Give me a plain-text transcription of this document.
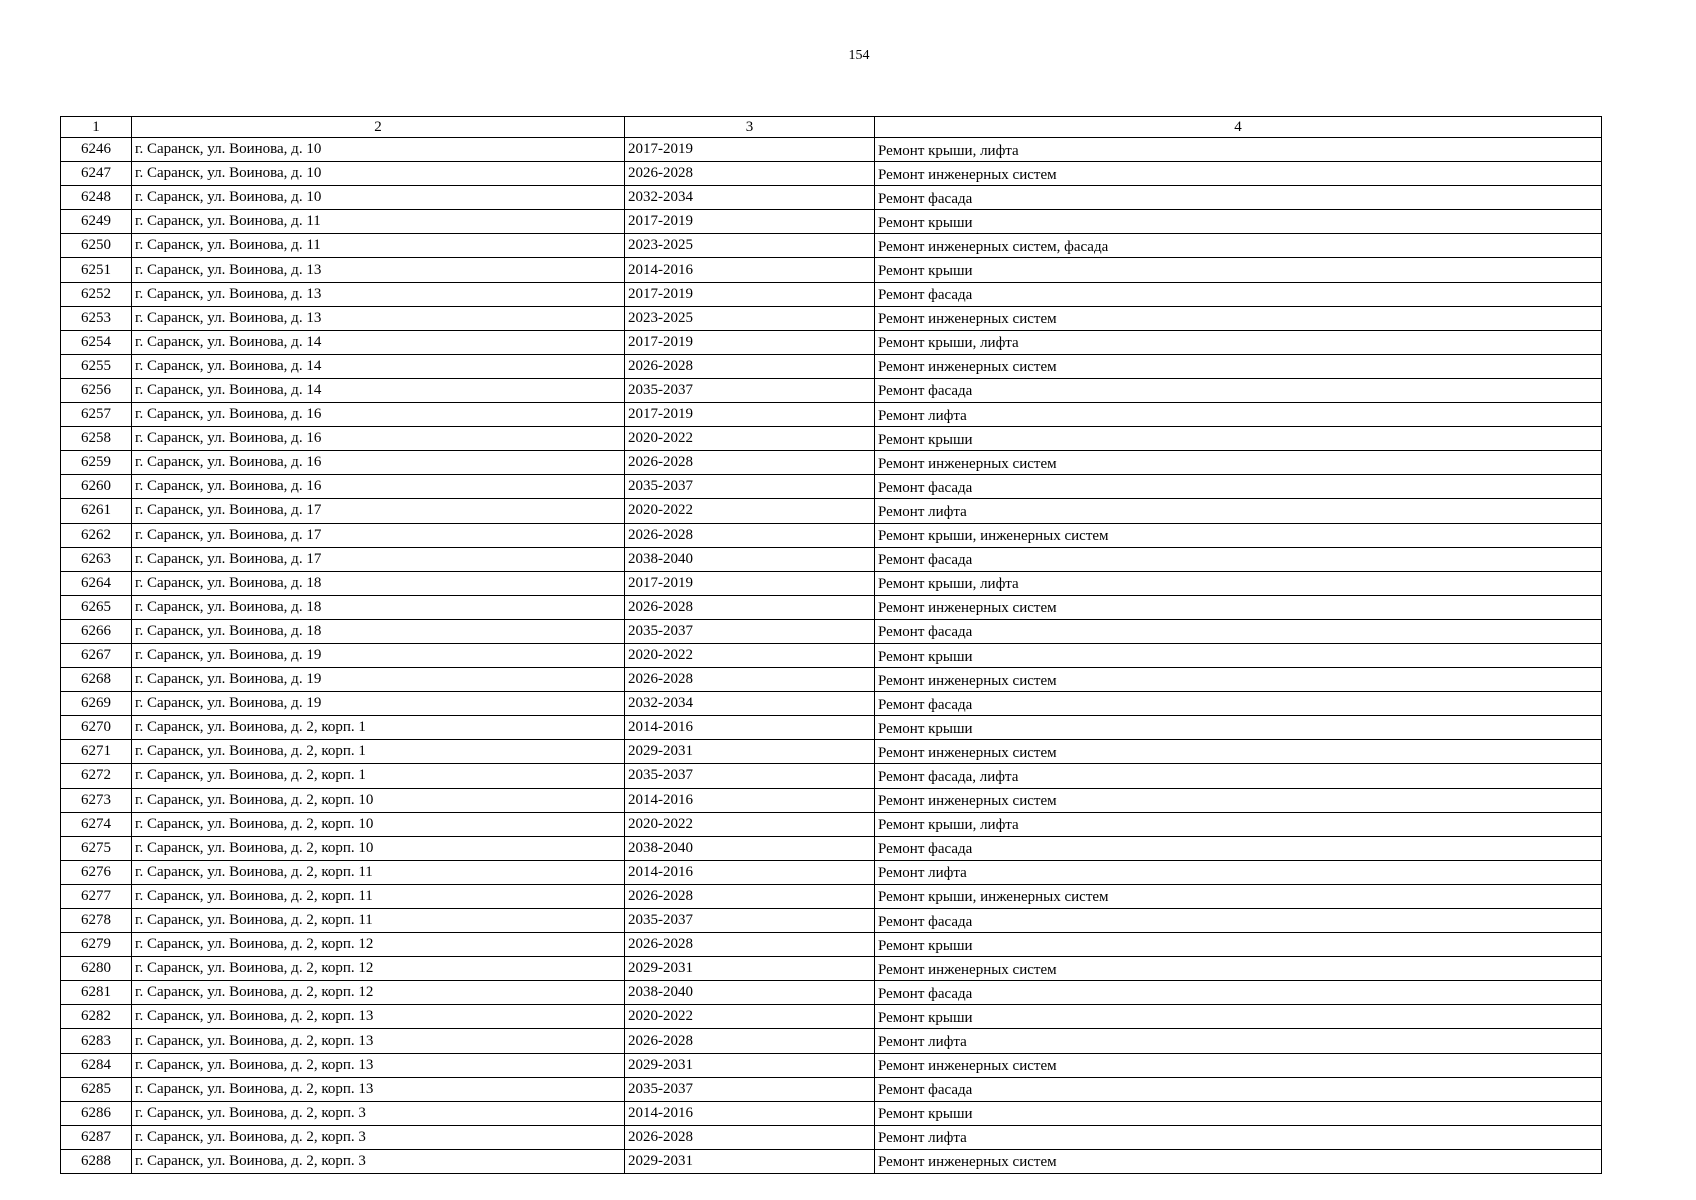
154
1	2	3	4
6246	г. Саранск, ул. Воинова, д. 10	2017-2019	Ремонт крыши, лифта
6247	г. Саранск, ул. Воинова, д. 10	2026-2028	Ремонт инженерных систем
6248	г. Саранск, ул. Воинова, д. 10	2032-2034	Ремонт фасада
6249	г. Саранск, ул. Воинова, д. 11	2017-2019	Ремонт крыши
6250	г. Саранск, ул. Воинова, д. 11	2023-2025	Ремонт инженерных систем, фасада
6251	г. Саранск, ул. Воинова, д. 13	2014-2016	Ремонт крыши
6252	г. Саранск, ул. Воинова, д. 13	2017-2019	Ремонт фасада
6253	г. Саранск, ул. Воинова, д. 13	2023-2025	Ремонт инженерных систем
6254	г. Саранск, ул. Воинова, д. 14	2017-2019	Ремонт крыши, лифта
6255	г. Саранск, ул. Воинова, д. 14	2026-2028	Ремонт инженерных систем
6256	г. Саранск, ул. Воинова, д. 14	2035-2037	Ремонт фасада
6257	г. Саранск, ул. Воинова, д. 16	2017-2019	Ремонт лифта
6258	г. Саранск, ул. Воинова, д. 16	2020-2022	Ремонт крыши
6259	г. Саранск, ул. Воинова, д. 16	2026-2028	Ремонт инженерных систем
6260	г. Саранск, ул. Воинова, д. 16	2035-2037	Ремонт фасада
6261	г. Саранск, ул. Воинова, д. 17	2020-2022	Ремонт лифта
6262	г. Саранск, ул. Воинова, д. 17	2026-2028	Ремонт крыши, инженерных систем
6263	г. Саранск, ул. Воинова, д. 17	2038-2040	Ремонт фасада
6264	г. Саранск, ул. Воинова, д. 18	2017-2019	Ремонт крыши, лифта
6265	г. Саранск, ул. Воинова, д. 18	2026-2028	Ремонт инженерных систем
6266	г. Саранск, ул. Воинова, д. 18	2035-2037	Ремонт фасада
6267	г. Саранск, ул. Воинова, д. 19	2020-2022	Ремонт крыши
6268	г. Саранск, ул. Воинова, д. 19	2026-2028	Ремонт инженерных систем
6269	г. Саранск, ул. Воинова, д. 19	2032-2034	Ремонт фасада
6270	г. Саранск, ул. Воинова, д. 2, корп. 1	2014-2016	Ремонт крыши
6271	г. Саранск, ул. Воинова, д. 2, корп. 1	2029-2031	Ремонт инженерных систем
6272	г. Саранск, ул. Воинова, д. 2, корп. 1	2035-2037	Ремонт фасада, лифта
6273	г. Саранск, ул. Воинова, д. 2, корп. 10	2014-2016	Ремонт инженерных систем
6274	г. Саранск, ул. Воинова, д. 2, корп. 10	2020-2022	Ремонт крыши, лифта
6275	г. Саранск, ул. Воинова, д. 2, корп. 10	2038-2040	Ремонт фасада
6276	г. Саранск, ул. Воинова, д. 2, корп. 11	2014-2016	Ремонт лифта
6277	г. Саранск, ул. Воинова, д. 2, корп. 11	2026-2028	Ремонт крыши, инженерных систем
6278	г. Саранск, ул. Воинова, д. 2, корп. 11	2035-2037	Ремонт фасада
6279	г. Саранск, ул. Воинова, д. 2, корп. 12	2026-2028	Ремонт крыши
6280	г. Саранск, ул. Воинова, д. 2, корп. 12	2029-2031	Ремонт инженерных систем
6281	г. Саранск, ул. Воинова, д. 2, корп. 12	2038-2040	Ремонт фасада
6282	г. Саранск, ул. Воинова, д. 2, корп. 13	2020-2022	Ремонт крыши
6283	г. Саранск, ул. Воинова, д. 2, корп. 13	2026-2028	Ремонт лифта
6284	г. Саранск, ул. Воинова, д. 2, корп. 13	2029-2031	Ремонт инженерных систем
6285	г. Саранск, ул. Воинова, д. 2, корп. 13	2035-2037	Ремонт фасада
6286	г. Саранск, ул. Воинова, д. 2, корп. 3	2014-2016	Ремонт крыши
6287	г. Саранск, ул. Воинова, д. 2, корп. 3	2026-2028	Ремонт лифта
6288	г. Саранск, ул. Воинова, д. 2, корп. 3	2029-2031	Ремонт инженерных систем
